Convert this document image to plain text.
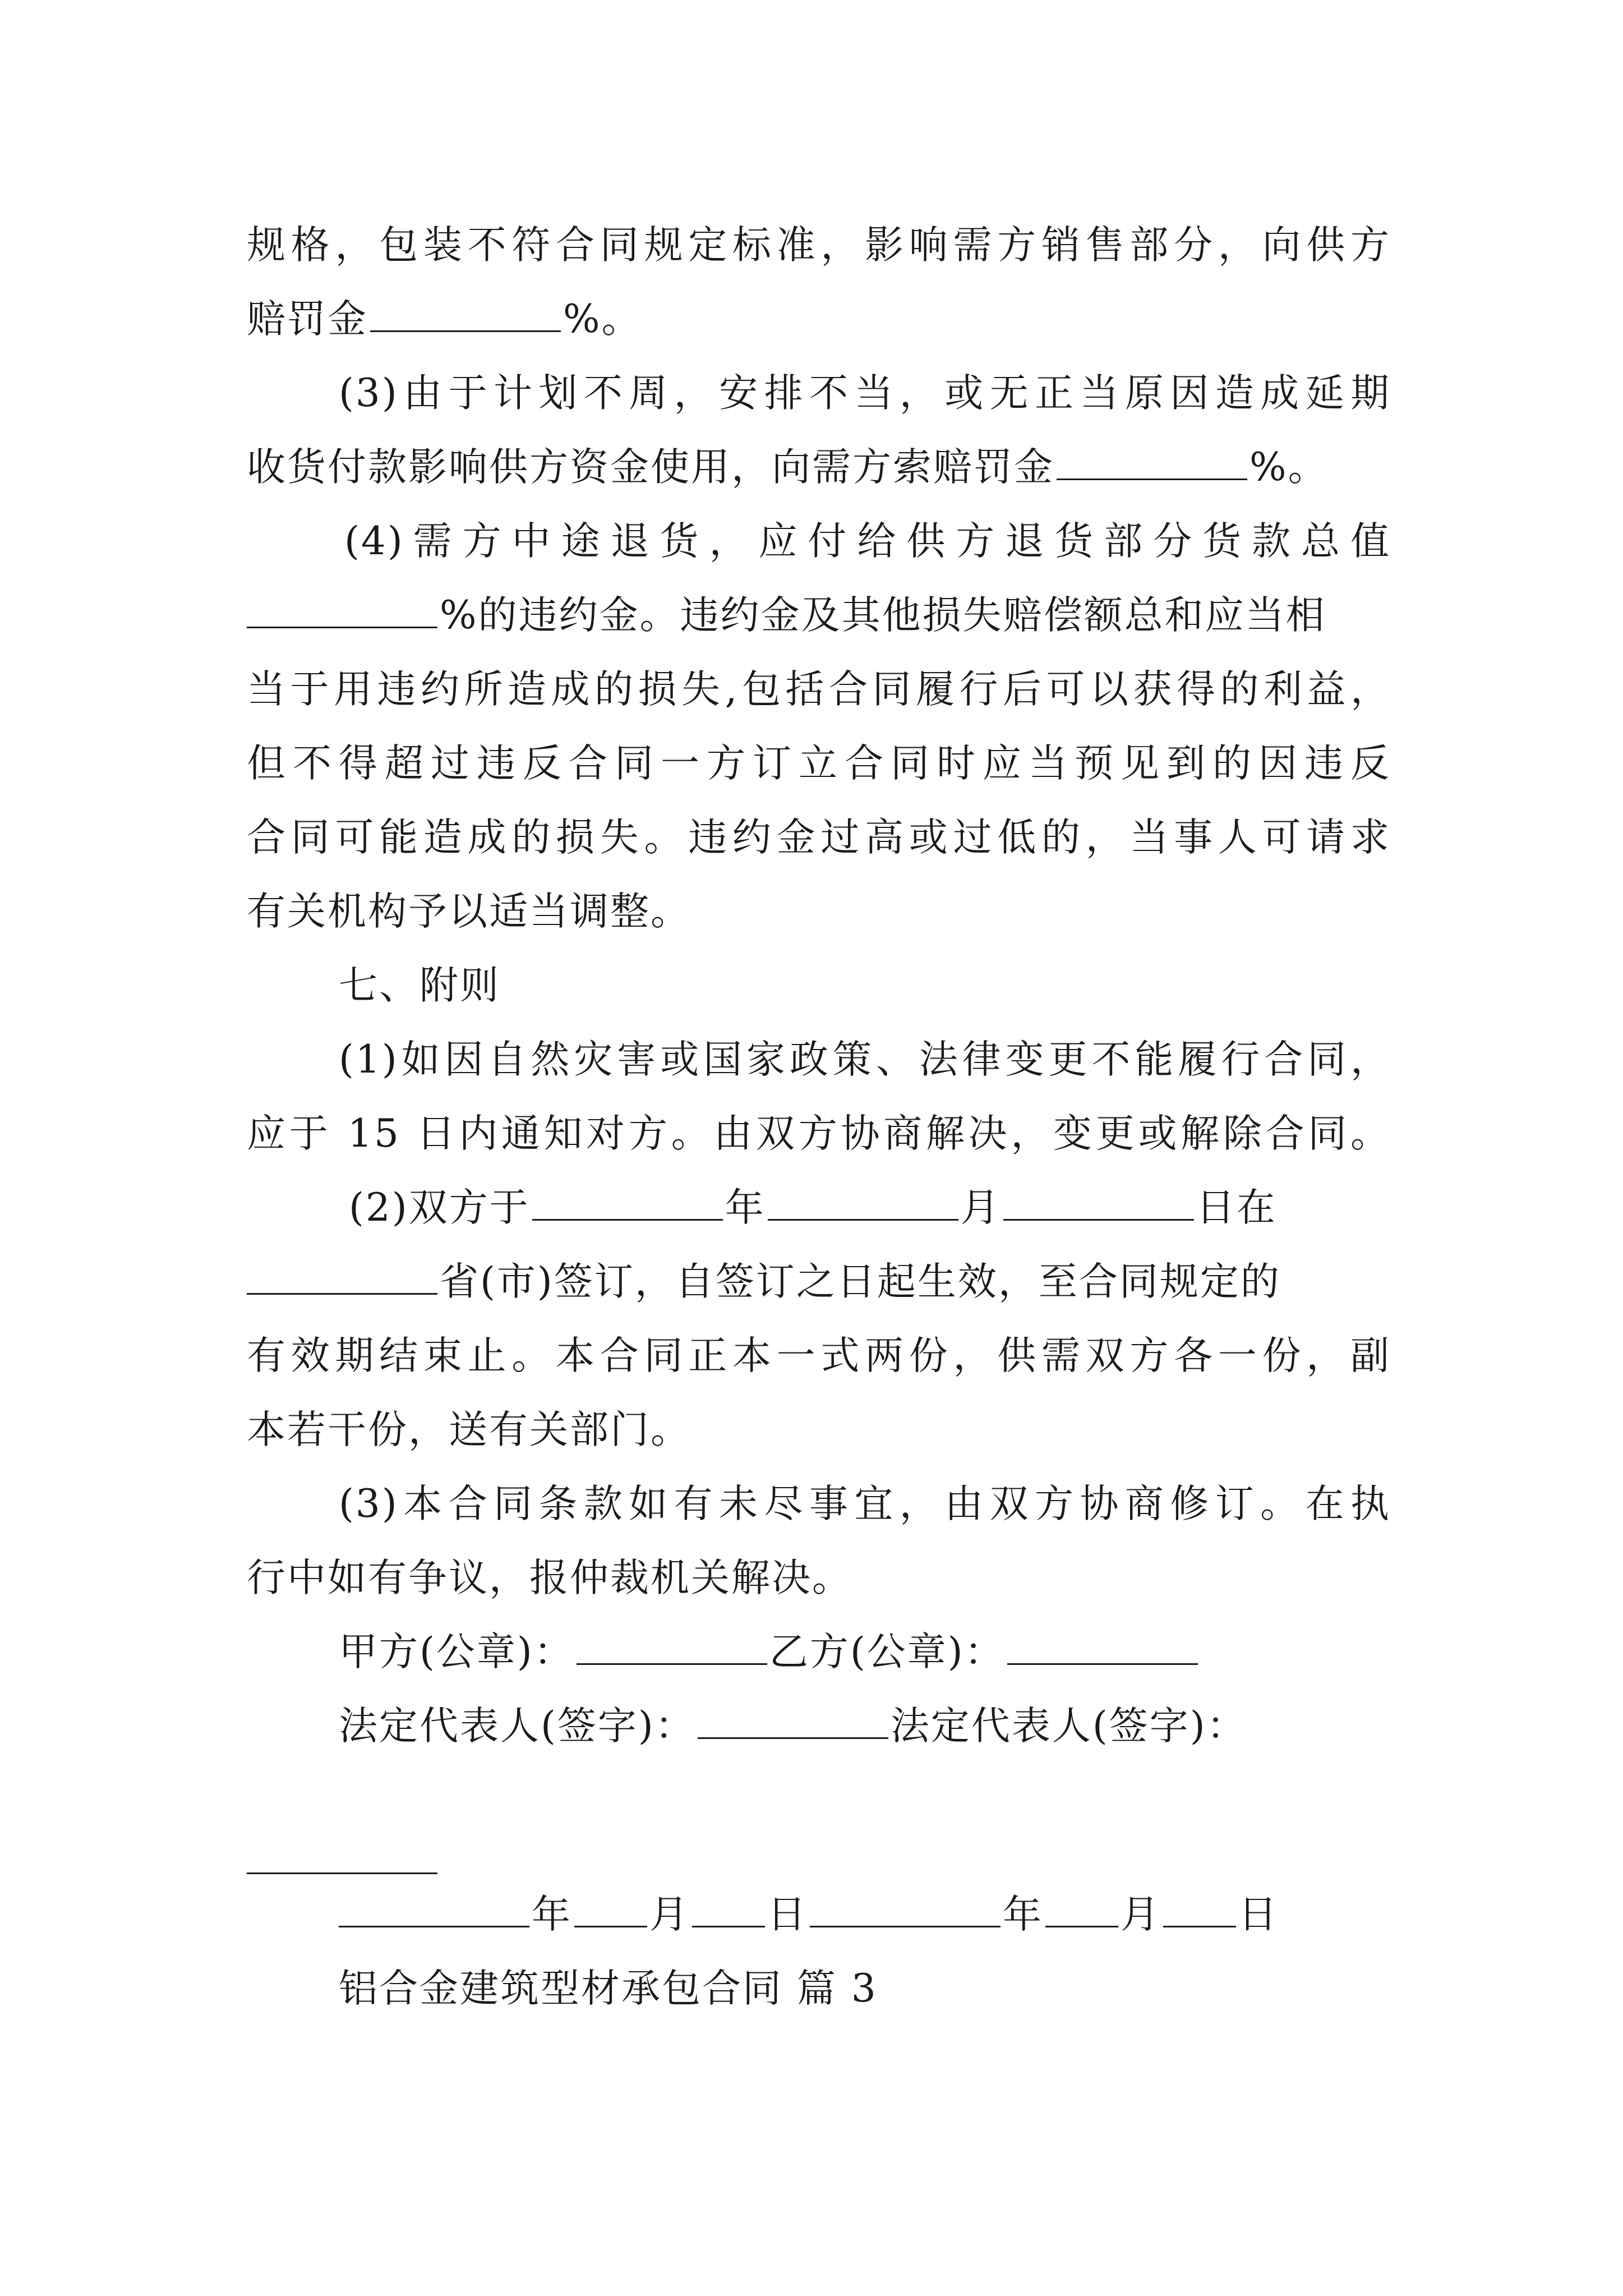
规格，包装不符合同规定标准，影响需方销售部分，向供方
赔罚金	%。
(3)由于计划不周，安排不当，或无正当原因造成延期
收货付款影响供方资金使用，向需方索赔罚金	%。
(4)需方中途退货，应付给供方退货部分货款总值
%的违约金。违约金及其他损失赔偿额总和应当相
当于用违约所造成的损失,包括合同履行后可以获得的利益，
但不得超过违反合同一方订立合同时应当预见到的因违反
合同可能造成的损失。违约金过高或过低的，当事人可请求
有关机构予以适当调整。
七、附则
(1)如因自然灾害或国家政策、法律变更不能履行合同，
应于 15 日内通知对方。由双方协商解决，变更或解除合同。
(2)双方于	年	月	日在
省(市)签订，自签订之日起生效，至合同规定的
有效期结束止。本合同正本一式两份，供需双方各一份，副
本若干份，送有关部门。
(3)本合同条款如有未尽事宜，由双方协商修订。在执
行中如有争议，报仲裁机关解决。
甲方(公章)：	乙方(公章)：
法定代表人(签字)：	法定代表人(签字)：
年 月 日	年 月 日
铝合金建筑型材承包合同 篇 3
